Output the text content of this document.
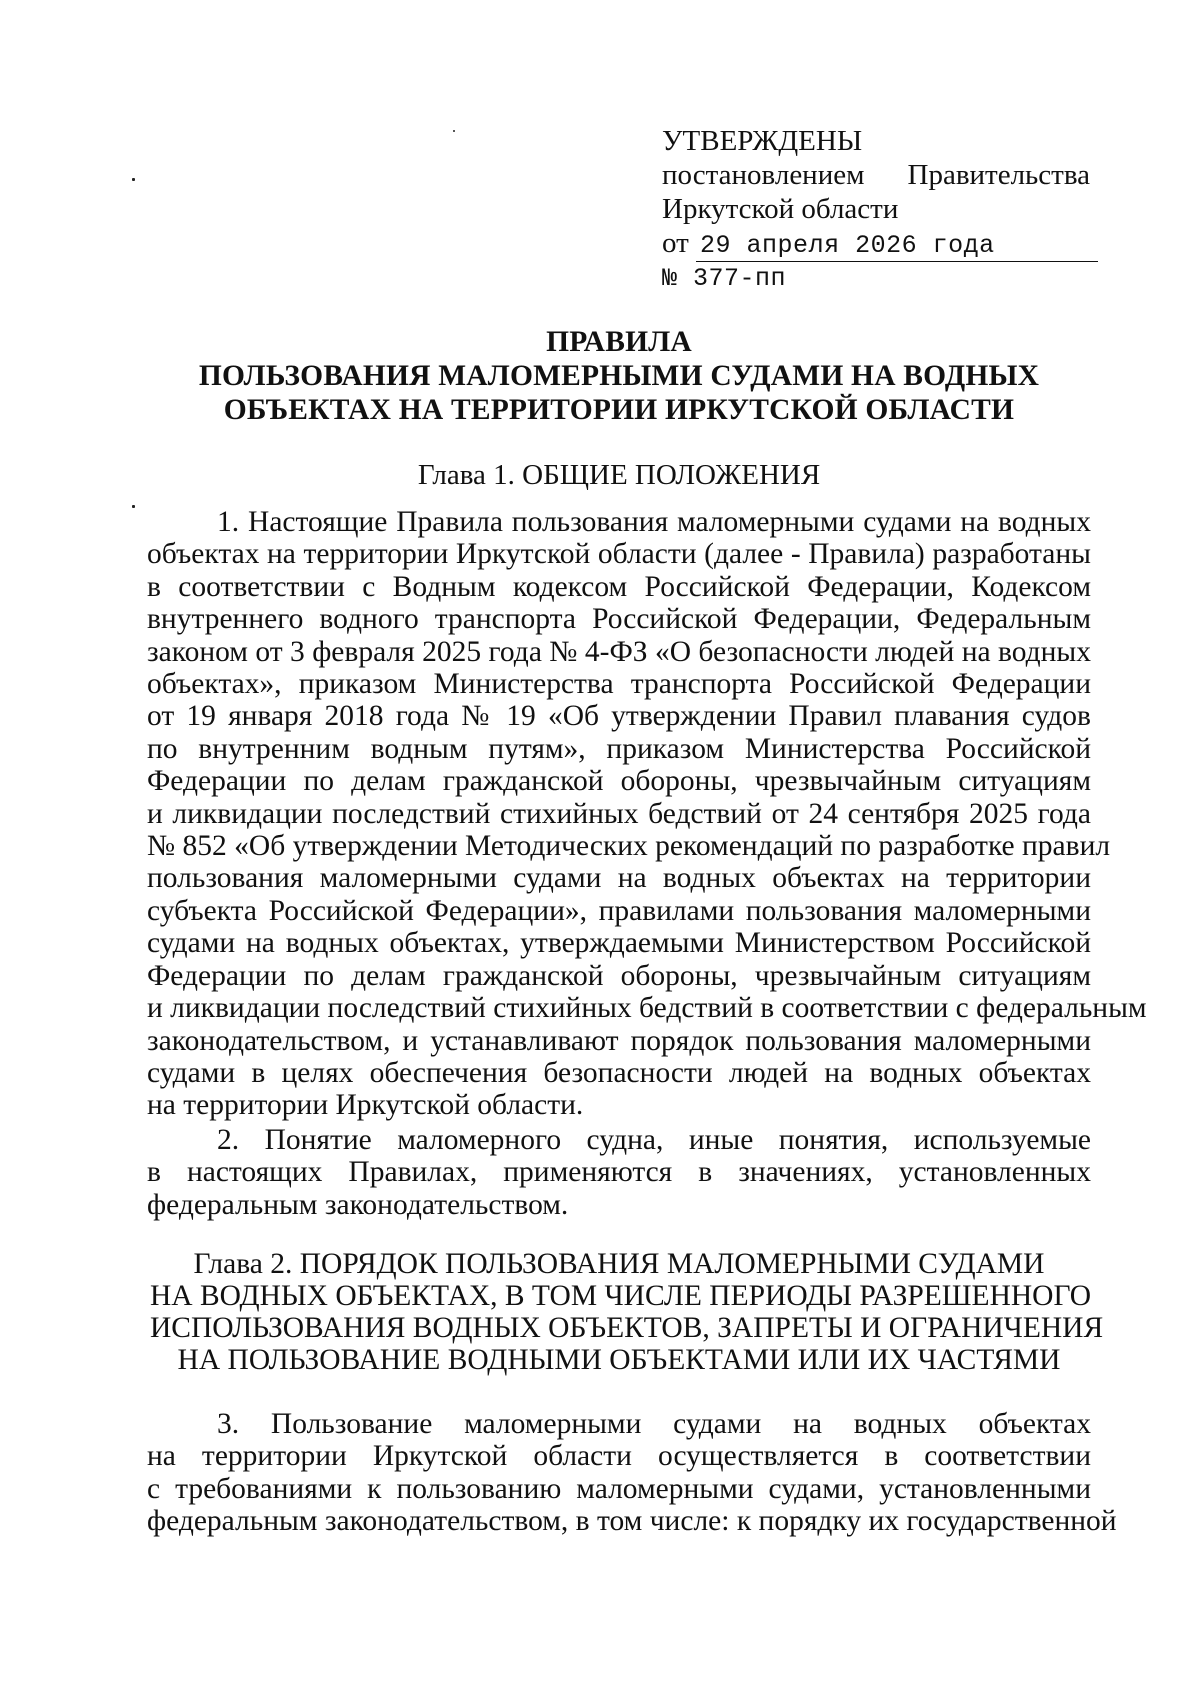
УТВЕРЖДЕНЫ
постановлением Правительства
Иркутской области
от 29 апреля 2026 года
№ 377-пп
ПРАВИЛА
ПОЛЬЗОВАНИЯ МАЛОМЕРНЫМИ СУДАМИ НА ВОДНЫХ
ОБЪЕКТАХ НА ТЕРРИТОРИИ ИРКУТСКОЙ ОБЛАСТИ
Глава 1. ОБЩИЕ ПОЛОЖЕНИЯ
1. Настоящие Правила пользования маломерными судами на водных
объектах на территории Иркутской области (далее - Правила) разработаны
в соответствии с Водным кодексом Российской Федерации, Кодексом
внутреннего водного транспорта Российской Федерации, Федеральным
законом от 3 февраля 2025 года № 4-ФЗ «О безопасности людей на водных
объектах», приказом Министерства транспорта Российской Федерации
от 19 января 2018 года № 19 «Об утверждении Правил плавания судов
по внутренним водным путям», приказом Министерства Российской
Федерации по делам гражданской обороны, чрезвычайным ситуациям
и ликвидации последствий стихийных бедствий от 24 сентября 2025 года
№ 852 «Об утверждении Методических рекомендаций по разработке правил
пользования маломерными судами на водных объектах на территории
субъекта Российской Федерации», правилами пользования маломерными
судами на водных объектах, утверждаемыми Министерством Российской
Федерации по делам гражданской обороны, чрезвычайным ситуациям
и ликвидации последствий стихийных бедствий в соответствии с федеральным
законодательством, и устанавливают порядок пользования маломерными
судами в целях обеспечения безопасности людей на водных объектах
на территории Иркутской области.
2. Понятие маломерного судна, иные понятия, используемые
в настоящих Правилах, применяются в значениях, установленных
федеральным законодательством.
Глава 2. ПОРЯДОК ПОЛЬЗОВАНИЯ МАЛОМЕРНЫМИ СУДАМИ
НА ВОДНЫХ ОБЪЕКТАХ, В ТОМ ЧИСЛЕ ПЕРИОДЫ РАЗРЕШЕННОГО
ИСПОЛЬЗОВАНИЯ ВОДНЫХ ОБЪЕКТОВ, ЗАПРЕТЫ И ОГРАНИЧЕНИЯ
НА ПОЛЬЗОВАНИЕ ВОДНЫМИ ОБЪЕКТАМИ ИЛИ ИХ ЧАСТЯМИ
3. Пользование маломерными судами на водных объектах
на территории Иркутской области осуществляется в соответствии
с требованиями к пользованию маломерными судами, установленными
федеральным законодательством, в том числе: к порядку их государственной
